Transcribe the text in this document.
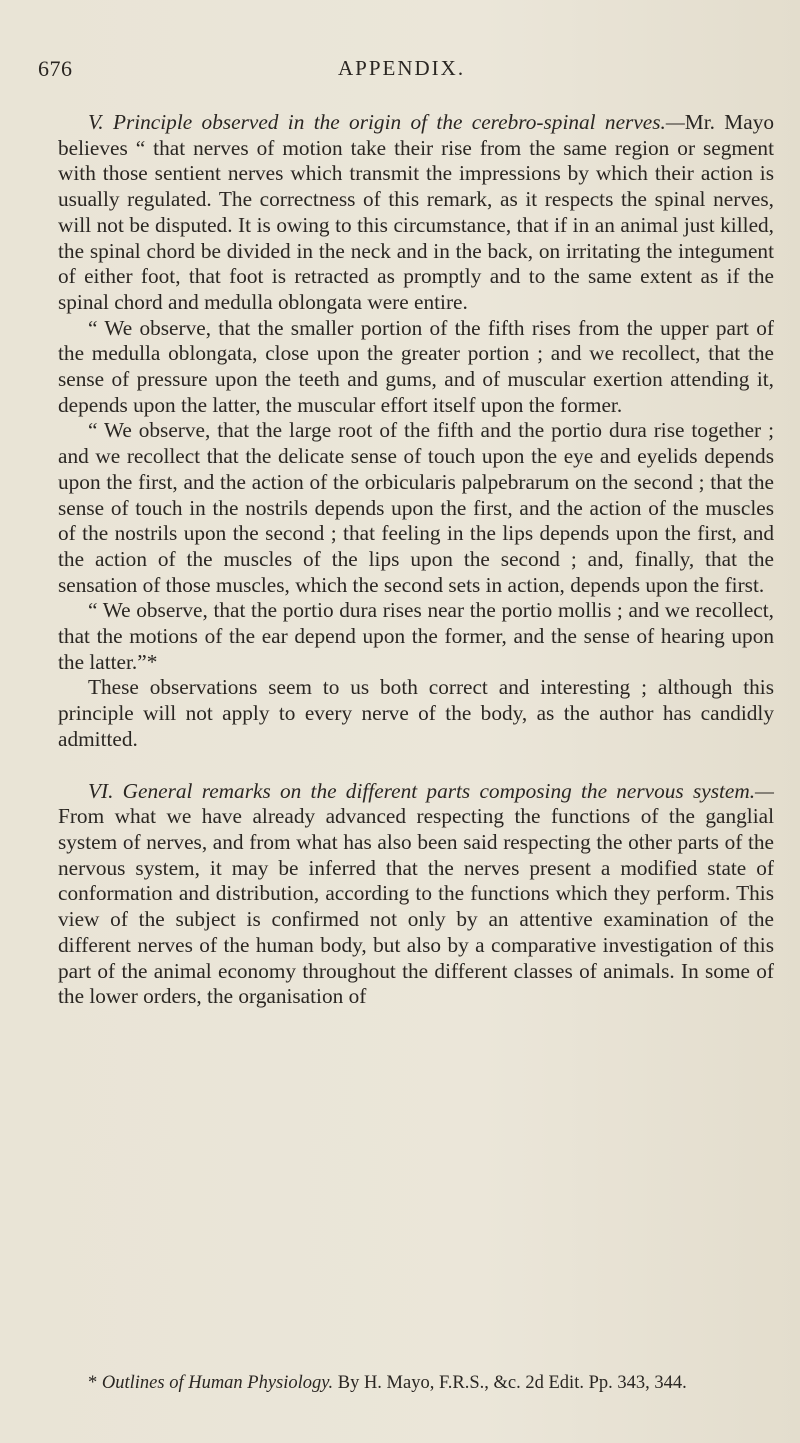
676	APPENDIX.

V. Principle observed in the origin of the cerebro-spinal nerves.—Mr. Mayo believes “ that nerves of motion take their rise from the same region or segment with those sentient nerves which transmit the impressions by which their action is usually regulated. The correctness of this remark, as it respects the spinal nerves, will not be disputed. It is owing to this circumstance, that if in an animal just killed, the spinal chord be divided in the neck and in the back, on irritating the integument of either foot, that foot is retracted as promptly and to the same extent as if the spinal chord and medulla oblongata were entire.

“ We observe, that the smaller portion of the fifth rises from the upper part of the medulla oblongata, close upon the greater portion ; and we recollect, that the sense of pressure upon the teeth and gums, and of muscular exertion attending it, depends upon the latter, the muscular effort itself upon the former.

“ We observe, that the large root of the fifth and the portio dura rise together ; and we recollect that the delicate sense of touch upon the eye and eyelids depends upon the first, and the action of the orbicularis palpebrarum on the second ; that the sense of touch in the nostrils depends upon the first, and the action of the muscles of the nostrils upon the second ; that feeling in the lips depends upon the first, and the action of the muscles of the lips upon the second ; and, finally, that the sensation of those muscles, which the second sets in action, depends upon the first.

“ We observe, that the portio dura rises near the portio mollis ; and we recollect, that the motions of the ear depend upon the former, and the sense of hearing upon the latter.”*

These observations seem to us both correct and interesting ; although this principle will not apply to every nerve of the body, as the author has candidly admitted.

VI. General remarks on the different parts composing the nervous system.—From what we have already advanced respecting the functions of the ganglial system of nerves, and from what has also been said respecting the other parts of the nervous system, it may be inferred that the nerves present a modified state of conformation and distribution, according to the functions which they perform. This view of the subject is confirmed not only by an attentive examination of the different nerves of the human body, but also by a comparative investigation of this part of the animal economy throughout the different classes of animals. In some of the lower orders, the organisation of

* Outlines of Human Physiology. By H. Mayo, F.R.S., &c. 2d Edit. Pp. 343, 344.
